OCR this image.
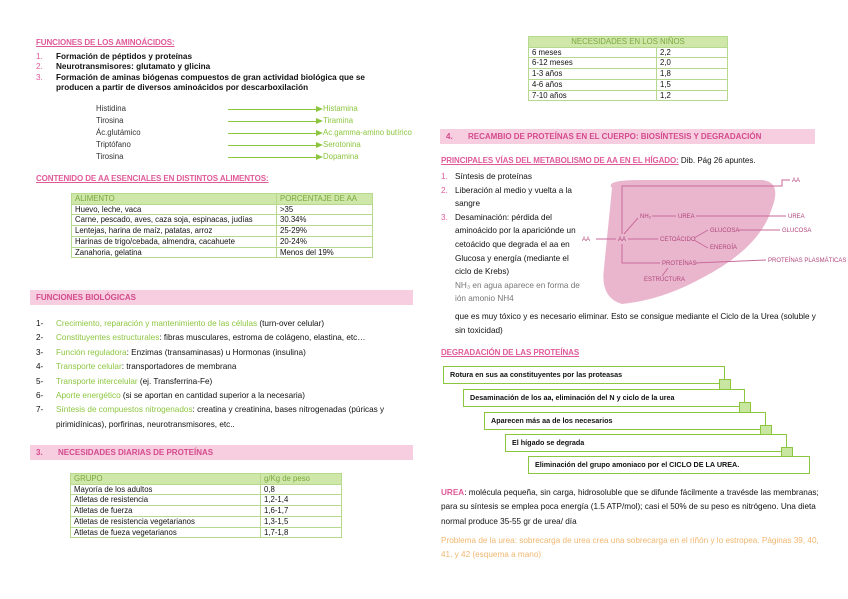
FUNCIONES DE LOS AMINOÁCIDOS:
1.	Formación de péptidos y proteínas
2.	Neurotransmisores: glutamato y glicina
3.	Formación de aminas biógenas compuestos de gran actividad biológica que se producen a partir de diversos aminoácidos por descarboxilación
Histidina	Histamina
Tirosina	Tiramina
Ác.glutámico	Ac.gamma-amino butírico
Triptófano	Serotonina
Tirosina	Dopamina
CONTENIDO DE AA ESENCIALES EN DISTINTOS ALIMENTOS:
ALIMENTO	PORCENTAJE DE AA
Huevo, leche, vaca	>35
Carne, pescado, aves, caza soja, espinacas, judías	30.34%
Lentejas, harina de maíz, patatas, arroz	25-29%
Harinas de trigo/cebada, almendra, cacahuete	20-24%
Zanahoria, gelatina	Menos del 19%
FUNCIONES BIOLÓGICAS
1-	Crecimiento, reparación y mantenimiento de las células (turn-over celular)
2-	Constituyentes estructurales: fibras musculares, estroma de colágeno, elastina, etc…
3-	Función reguladora: Enzimas (transaminasas) u Hormonas (insulina)
4-	Transporte celular: transportadores de membrana
5-	Transporte intercelular (ej. Transferrina-Fe)
6-	Aporte energético (si se aportan en cantidad superior a la necesaria)
7-	Síntesis de compuestos nitrogenados: creatina y creatinina, bases nitrogenadas (púricas y pirimidínicas), porfirinas, neurotransmisores, etc..
3. NECESIDADES DIARIAS DE PROTEÍNAS
GRUPO	g/Kg de peso
Mayoría de los adultos	0,8
Atletas de resistencia	1,2-1,4
Atletas de fuerza	1,6-1,7
Atletas de resistencia vegetarianos	1,3-1,5
Atletas de fueza vegetarianos	1,7-1,8
NECESIDADES EN LOS NIÑOS	
6 meses	2,2
6-12 meses	2,0
1-3 años	1,8
4-6 años	1,5
7-10 años	1,2
4. RECAMBIO DE PROTEÍNAS EN EL CUERPO: BIOSÍNTESIS Y DEGRADACIÓN
PRINCIPALES VÍAS DEL METABOLISMO DE AA EN EL HÍGADO: Dib. Pág 26 apuntes.
1. Síntesis de proteínas
2. Liberación al medio y vuelta a la sangre
3. Desaminación: pérdida del aminoácido por la apariciónde un cetoácido que degrada el aa en Glucosa y energía (mediante el ciclo de Krebs)
NH₃ en agua aparece en forma de ión amonio NH4
AA
NH₃	UREA	UREA
AA	AA	CETOÁCIDO
GLUCOSA	GLUCOSA
ENERGÍA
PROTEÍNAS
ESTRUCTURA
PROTEÍNAS PLASMÁTICAS
que es muy tóxico y es necesario eliminar. Esto se consigue mediante el Ciclo de la Urea (soluble y sin toxicidad)
DEGRADACIÓN DE LAS PROTEÍNAS
Rotura en sus aa constituyentes por las proteasas
Desaminación de los aa, eliminación del N y ciclo de la urea
Aparecen más aa de los necesarios
El hígado se degrada
Eliminación del grupo amoniaco por el CICLO DE LA UREA.
UREA: molécula pequeña, sin carga, hidrosoluble que se difunde fácilmente a travésde las membranas; para su síntesis se emplea poca energía (1.5 ATP/mol); casi el 50% de su peso es nitrógeno. Una dieta normal produce 35-55 gr de urea/ día
Problema de la urea: sobrecarga de urea crea una sobrecarga en el riñón y lo estropea. Páginas 39, 40, 41, y 42 (esquema a mano)
